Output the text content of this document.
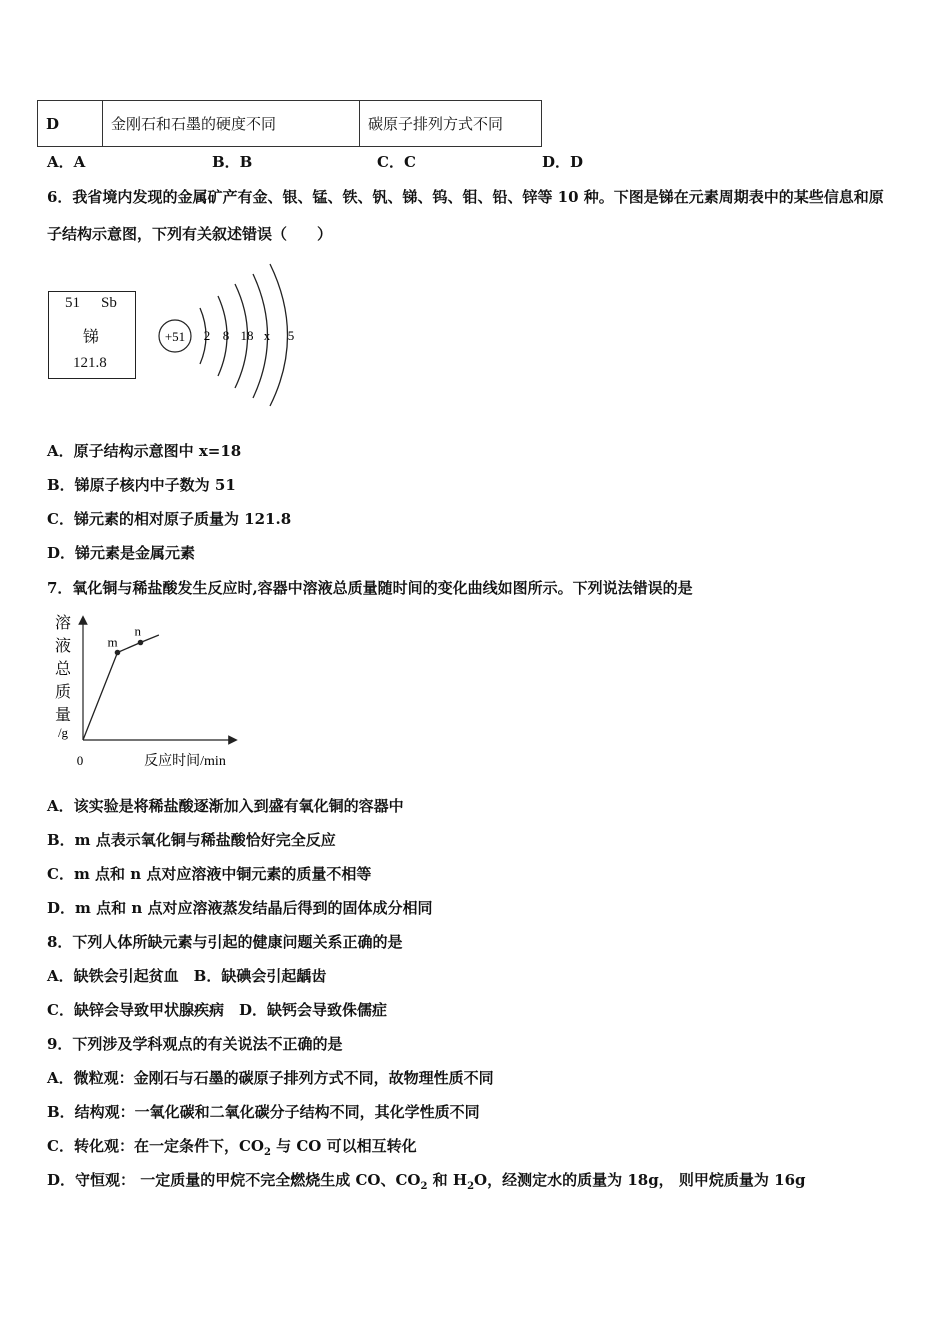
D	金刚石和石墨的硬度不同	碳原子排列方式不同
A．A	B．B	C．C	D．D
6．我省境内发现的金属矿产有金、银、锰、铁、钒、锑、钨、钼、铅、锌等 10 种。下图是锑在元素周期表中的某些信息和原
子结构示意图，下列有关叙述错误（　　）
51 Sb
锑
121.8
+51 2 8 18 x 5
A．原子结构示意图中 x=18
B．锑原子核内中子数为 51
C．锑元素的相对原子质量为 121.8
D．锑元素是金属元素
7．氧化铜与稀盐酸发生反应时,容器中溶液总质量随时间的变化曲线如图所示。下列说法错误的是
溶
液
总
质
量
/g
0	反应时间/min
m
n
A．该实验是将稀盐酸逐渐加入到盛有氧化铜的容器中
B．m 点表示氧化铜与稀盐酸恰好完全反应
C．m 点和 n 点对应溶液中铜元素的质量不相等
D．m 点和 n 点对应溶液蒸发结晶后得到的固体成分相同
8．下列人体所缺元素与引起的健康问题关系正确的是
A．缺铁会引起贫血　B．缺碘会引起龋齿
C．缺锌会导致甲状腺疾病　D．缺钙会导致侏儒症
9．下列涉及学科观点的有关说法不正确的是
A．微粒观：金刚石与石墨的碳原子排列方式不同，故物理性质不同
B．结构观：一氧化碳和二氧化碳分子结构不同，其化学性质不同
C．转化观：在一定条件下，$CO_2$ 与 CO 可以相互转化
D．守恒观： 一定质量的甲烷不完全燃烧生成 CO、$CO_2$ 和 $H_2O$，经测定水的质量为 18g， 则甲烷质量为 16g
